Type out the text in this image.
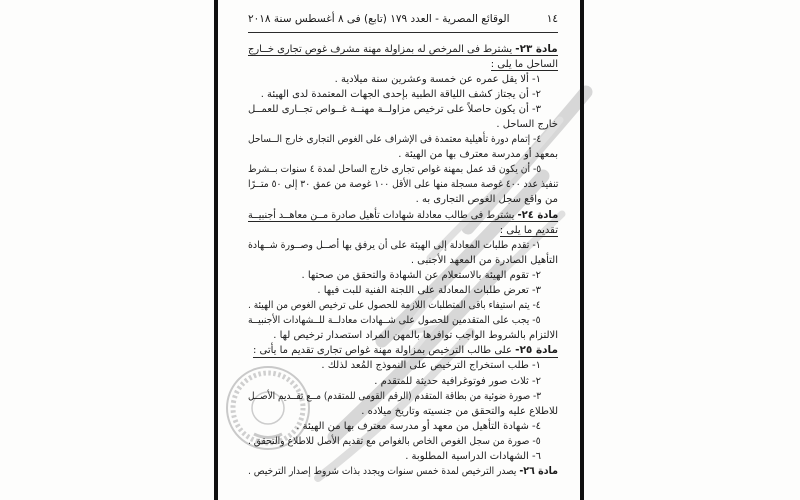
١٤
الوقائع المصرية - العدد ١٧٩ (تابع) فى ٨ أغسطس سنة ٢٠١٨
مادة ٢٣- يشترط فى المرخص له بمزاولة مهنة مشرف غوص تجارى خــارج
الساحل ما يلى :
١- ألا يقل عمره عن خمسة وعشرين سنة ميلادية .
٢- أن يجتاز كشف اللياقة الطبية بإحدى الجهات المعتمدة لدى الهيئة .
٣- أن يكون حاصلاً على ترخيص مزاولــة مهنــة غــواص تجــارى للعمــل
خارج الساحل .
٤- إتمام دورة تأهيلية معتمدة فى الإشراف على الغوص التجارى خارج الــساحل
بمعهد أو مدرسة معترف بها من الهيئة .
٥- أن يكون قد عمل بمهنة غواص تجارى خارج الساحل لمدة ٤ سنوات بــشرط
تنفيذ عدد ٤٠٠ غوصة مسجلة منها على الأقل ١٠٠ غوصة من عمق ٣٠ إلى ٥٠ متــرًا
من واقع سجل الغوص التجارى به .
مادة ٢٤- يشترط فى طالب معادلة شهادات تأهيل صادرة مــن معاهــد أجنبيــة
تقديم ما يلى :
١- تقدم طلبات المعادلة إلى الهيئة على أن يرفق بها أصــل وصــورة شــهادة
التأهيل الصادرة من المعهد الأجنبى .
٢- تقوم الهيئة بالاستعلام عن الشهادة والتحقق من صحتها .
٣- تعرض طلبات المعادلة على اللجنة الفنية للبت فيها .
٤- يتم استيفاء باقى المتطلبات اللازمة للحصول على ترخيص الغوص من الهيئة .
٥- يجب على المتقدمين للحصول على شــهادات معادلــة للــشهادات الأجنبيــة
الالتزام بالشروط الواجب توافرها بالمهن المراد استصدار ترخيص لها .
مادة ٢٥- على طالب الترخيص بمزاولة مهنة غواص تجارى تقديم ما يأتى :
١- طلب استخراج الترخيص على النموذج المُعد لذلك .
٢- ثلاث صور فوتوغرافية حديثة للمتقدم .
٣- صورة ضوئية من بطاقة المتقدم (الرقم القومى للمتقدم) مــع تقــديم الأصــل
للاطلاع عليه والتحقق من جنسيته وتاريخ ميلاده .
٤- شهادة التأهيل من معهد أو مدرسة معترف بها من الهيئة .
٥- صورة من سجل الغوص الخاص بالغواص مع تقديم الأصل للاطلاع والتحقق .
٦- الشهادات الدراسية المطلوبة .
مادة ٢٦- يصدر الترخيص لمدة خمس سنوات ويجدد بذات شروط إصدار الترخيص .
